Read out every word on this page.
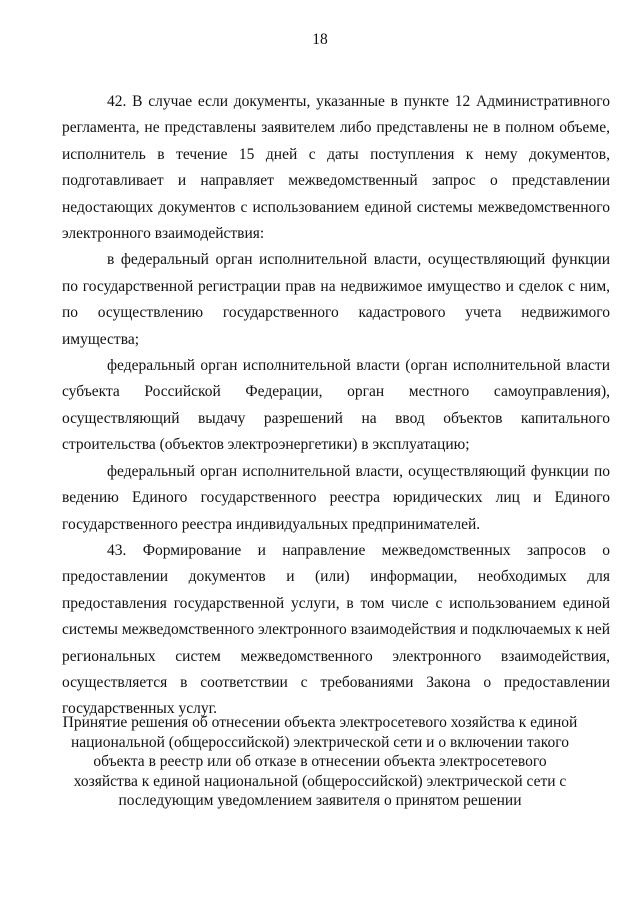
18

42. В случае если документы, указанные в пункте 12 Административного регламента, не представлены заявителем либо представлены не в полном объеме, исполнитель в течение 15 дней с даты поступления к нему документов, подготавливает и направляет межведомственный запрос о представлении недостающих документов с использованием единой системы межведомственного электронного взаимодействия:

в федеральный орган исполнительной власти, осуществляющий функции по государственной регистрации прав на недвижимое имущество и сделок с ним, по осуществлению государственного кадастрового учета недвижимого имущества;

федеральный орган исполнительной власти (орган исполнительной власти субъекта Российской Федерации, орган местного самоуправления), осуществляющий выдачу разрешений на ввод объектов капитального строительства (объектов электроэнергетики) в эксплуатацию;

федеральный орган исполнительной власти, осуществляющий функции по ведению Единого государственного реестра юридических лиц и Единого государственного реестра индивидуальных предпринимателей.

43. Формирование и направление межведомственных запросов о предоставлении документов и (или) информации, необходимых для предоставления государственной услуги, в том числе с использованием единой системы межведомственного электронного взаимодействия и подключаемых к ней региональных систем межведомственного электронного взаимодействия, осуществляется в соответствии с требованиями Закона о предоставлении государственных услуг.

Принятие решения об отнесении объекта электросетевого хозяйства к единой национальной (общероссийской) электрической сети и о включении такого объекта в реестр или об отказе в отнесении объекта электросетевого хозяйства к единой национальной (общероссийской) электрической сети с последующим уведомлением заявителя о принятом решении
